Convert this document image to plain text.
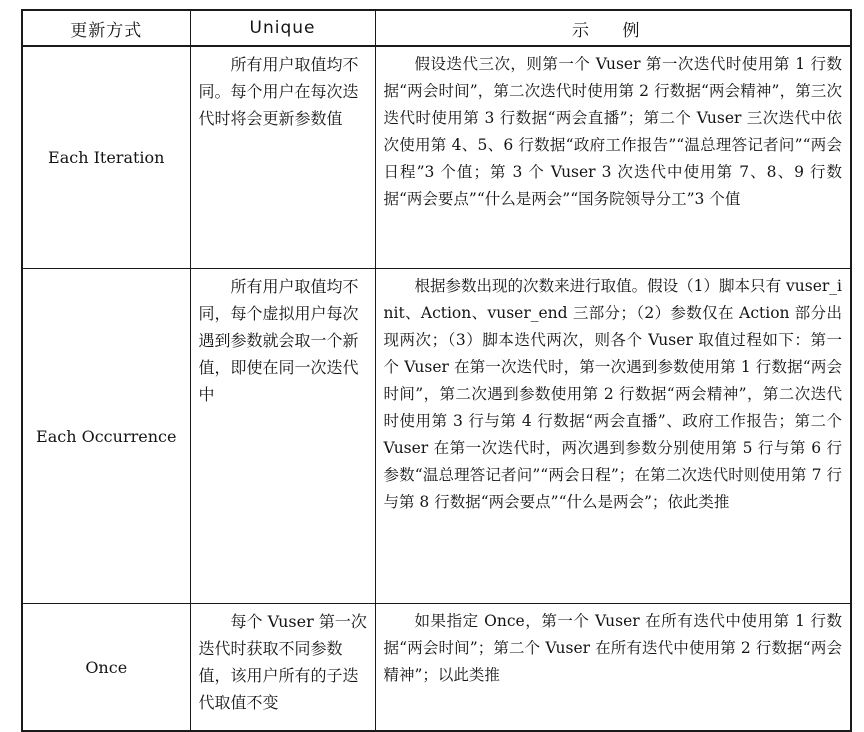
更新方式	Unique	示 例
Each Iteration	所有用户取值均不同。每个用户在每次迭代时将会更新参数值	假设迭代三次，则第一个 Vuser 第一次迭代时使用第 1 行数据“两会时间”，第二次迭代时使用第 2 行数据“两会精神”，第三次迭代时使用第 3 行数据“两会直播”；第二个 Vuser 三次迭代中依次使用第 4、5、6 行数据“政府工作报告”“温总理答记者问”“两会日程”3 个值；第 3 个 Vuser 3 次迭代中使用第 7、8、9 行数据“两会要点”“什么是两会”“国务院领导分工”3 个值
Each Occurrence	所有用户取值均不同，每个虚拟用户每次遇到参数就会取一个新值，即使在同一次迭代中	根据参数出现的次数来进行取值。假设（1）脚本只有 vuser_init、Action、vuser_end 三部分；（2）参数仅在 Action 部分出现两次；（3）脚本迭代两次，则各个 Vuser 取值过程如下：第一个 Vuser 在第一次迭代时，第一次遇到参数使用第 1 行数据“两会时间”，第二次遇到参数使用第 2 行数据“两会精神”，第二次迭代时使用第 3 行与第 4 行数据“两会直播”、政府工作报告；第二个 Vuser 在第一次迭代时，两次遇到参数分别使用第 5 行与第 6 行参数“温总理答记者问”“两会日程”；在第二次迭代时则使用第 7 行与第 8 行数据“两会要点”“什么是两会”；依此类推
Once	每个 Vuser 第一次迭代时获取不同参数值，该用户所有的子迭代取值不变	如果指定 Once，第一个 Vuser 在所有迭代中使用第 1 行数据“两会时间”；第二个 Vuser 在所有迭代中使用第 2 行数据“两会精神”；以此类推
